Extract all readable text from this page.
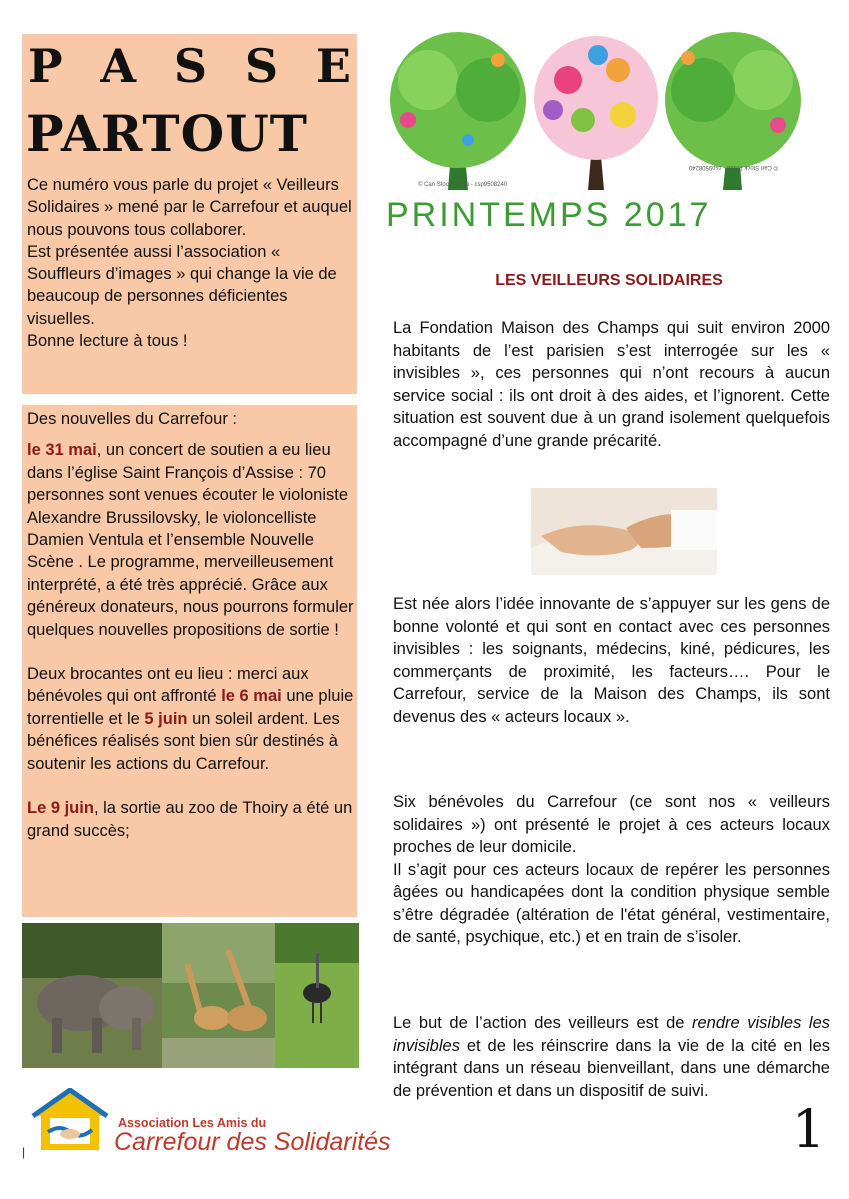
P A S S E
PARTOUT

Ce numéro vous parle du projet « Veilleurs Solidaires » mené par le Carrefour et auquel nous pouvons tous collaborer.

Est présentée aussi l’association « Souffleurs d’images » qui change la vie de beaucoup de personnes déficientes visuelles.

Bonne lecture à tous !

Des nouvelles du Carrefour :

le 31 mai, un concert de soutien a eu lieu dans l’église Saint François d’Assise : 70 personnes sont venues écouter le violoniste Alexandre Brussilovsky, le violoncelliste Damien Ventula et l’ensemble Nouvelle Scène . Le programme, merveilleusement interprété, a été très apprécié. Grâce aux généreux donateurs, nous pourrons formuler quelques nouvelles propositions de sortie !

Deux brocantes ont eu lieu : merci aux bénévoles qui ont affronté le 6 mai une pluie torrentielle et le 5 juin un soleil ardent. Les bénéfices réalisés sont bien sûr destinés à soutenir les actions du Carrefour.

Le 9 juin, la sortie au zoo de Thoiry a été un grand succès;

Association Les Amis du
Carrefour des Solidarités
|
© Can Stock Photo - csp9508240
© Can Stock Photo - csp9508240
PRINTEMPS 2017
LES VEILLEURS SOLIDAIRES

La Fondation Maison des Champs qui suit environ 2000 habitants de l’est parisien s’est interrogée sur les « invisibles », ces personnes qui n’ont recours à aucun service social : ils ont droit à des aides, et l’ignorent. Cette situation est souvent due à un grand isolement quelquefois accompagné d’une grande précarité.

Est née alors l’idée innovante de s’appuyer sur les gens de bonne volonté et qui sont en contact avec ces personnes invisibles : les soignants, médecins, kiné, pédicures, les commerçants de proximité, les facteurs…. Pour le Carrefour, service de la Maison des Champs, ils sont devenus des « acteurs locaux ».

Six bénévoles du Carrefour (ce sont nos « veilleurs solidaires ») ont présenté le projet à ces acteurs locaux proches de leur domicile.

Il s’agit pour ces acteurs locaux de repérer les personnes âgées ou handicapées dont la condition physique semble s’être dégradée (altération de l'état général, vestimentaire, de santé, psychique, etc.) et en train de s’isoler.

Le but de l’action des veilleurs est de rendre visibles les invisibles et de les réinscrire dans la vie de la cité en les intégrant dans un réseau bienveillant, dans une démarche de prévention et dans un dispositif de suivi.

1
